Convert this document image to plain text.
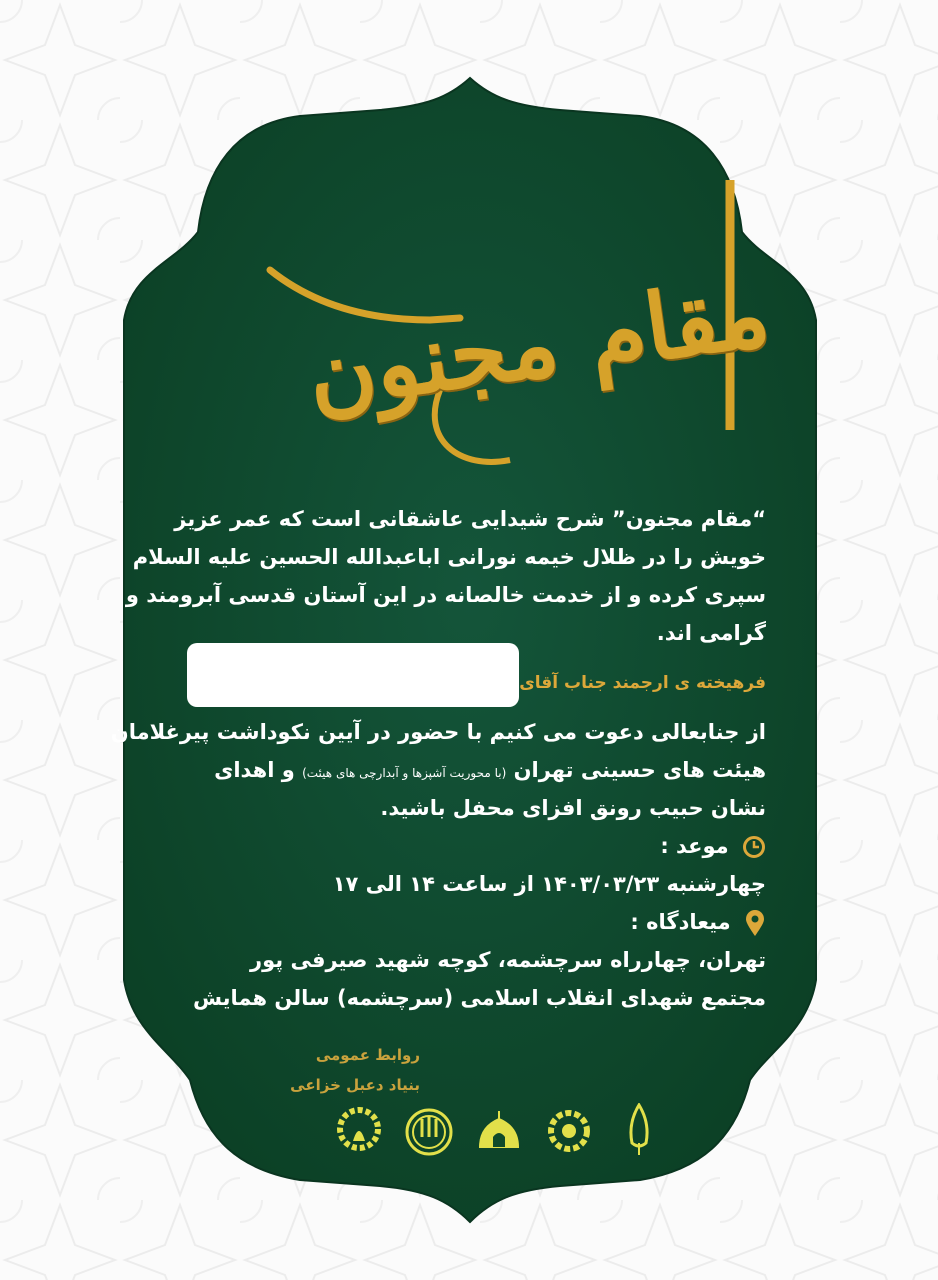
مقام مجنون
“مقام مجنون” شرح شیدایی عاشقانی است که عمر عزیز
خویش را در ظلال خیمه نورانی اباعبدالله الحسین علیه السلام
سپری کرده و از خدمت خالصانه در این آستان قدسی آبرومند و
گرامی اند.
فرهیخته ی ارجمند جناب آقای
از جنابعالی دعوت می کنیم با حضور در آیین نکوداشت پیرغلامان
هیئت های حسینی تهران (با محوریت آشپزها و آبدارچی های هیئت) و اهدای
نشان حبیب رونق افزای محفل باشید.
موعد :
چهارشنبه ۱۴۰۳/۰۳/۲۳ از ساعت ۱۴ الی ۱۷
میعادگاه :
تهران، چهارراه سرچشمه، کوچه شهید صیرفی پور
مجتمع شهدای انقلاب اسلامی (سرچشمه) سالن همایش
روابط عمومی
بنیاد دعبل خزاعی
